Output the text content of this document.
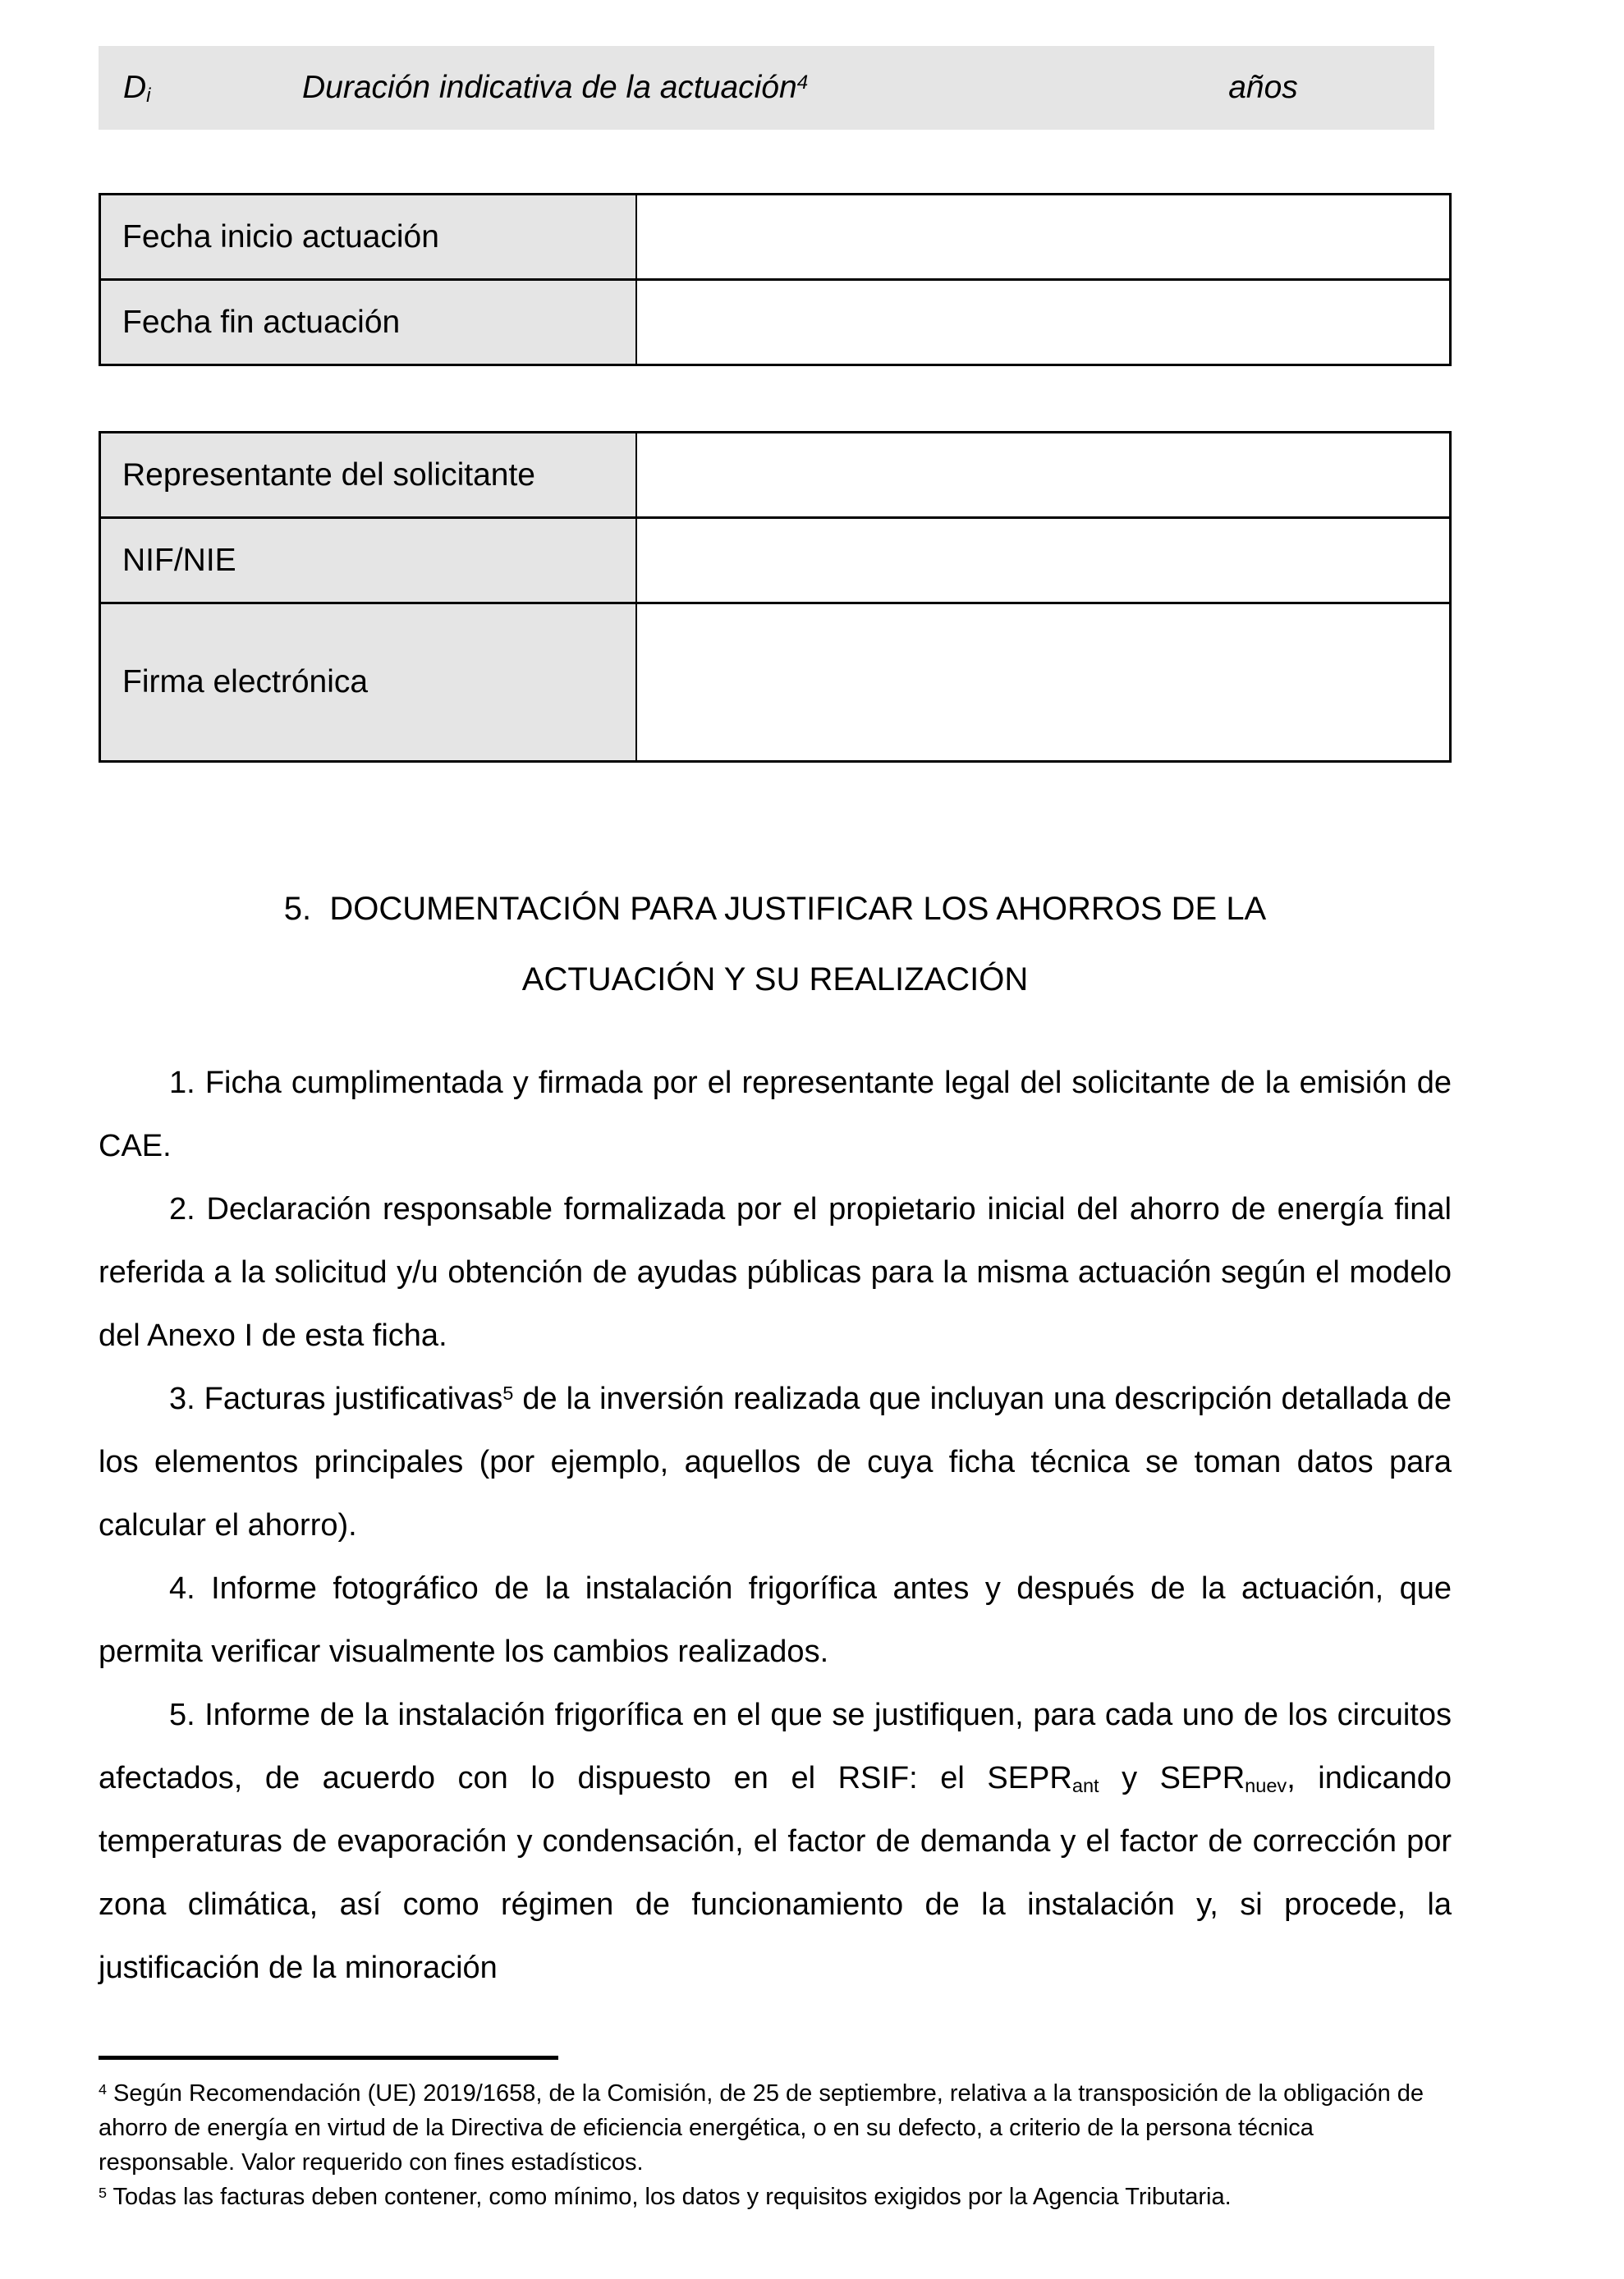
Di	Duración indicativa de la actuación$^4$	años
Fecha inicio actuación
Fecha fin actuación
Representante del solicitante
NIF/NIE
Firma electrónica
5.  DOCUMENTACIÓN PARA JUSTIFICAR LOS AHORROS DE LA
ACTUACIÓN Y SU REALIZACIÓN

1. Ficha cumplimentada y firmada por el representante legal del solicitante de la emisión de CAE.

2. Declaración responsable formalizada por el propietario inicial del ahorro de energía final referida a la solicitud y/u obtención de ayudas públicas para la misma actuación según el modelo del Anexo I de esta ficha.

3. Facturas justificativas$^5$ de la inversión realizada que incluyan una descripción detallada de los elementos principales (por ejemplo, aquellos de cuya ficha técnica se toman datos para calcular el ahorro).

4. Informe fotográfico de la instalación frigorífica antes y después de la actuación, que permita verificar visualmente los cambios realizados.

5. Informe de la instalación frigorífica en el que se justifiquen, para cada uno de los circuitos afectados, de acuerdo con lo dispuesto en el RSIF: el SEPRant y SEPRnuev, indicando temperaturas de evaporación y condensación, el factor de demanda y el factor de corrección por zona climática, así como régimen de funcionamiento de la instalación y, si procede, la justificación de la minoración

$^4$ Según Recomendación (UE) 2019/1658, de la Comisión, de 25 de septiembre, relativa a la transposición de la obligación de ahorro de energía en virtud de la Directiva de eficiencia energética, o en su defecto, a criterio de la persona técnica responsable. Valor requerido con fines estadísticos.

$^5$ Todas las facturas deben contener, como mínimo, los datos y requisitos exigidos por la Agencia Tributaria.
